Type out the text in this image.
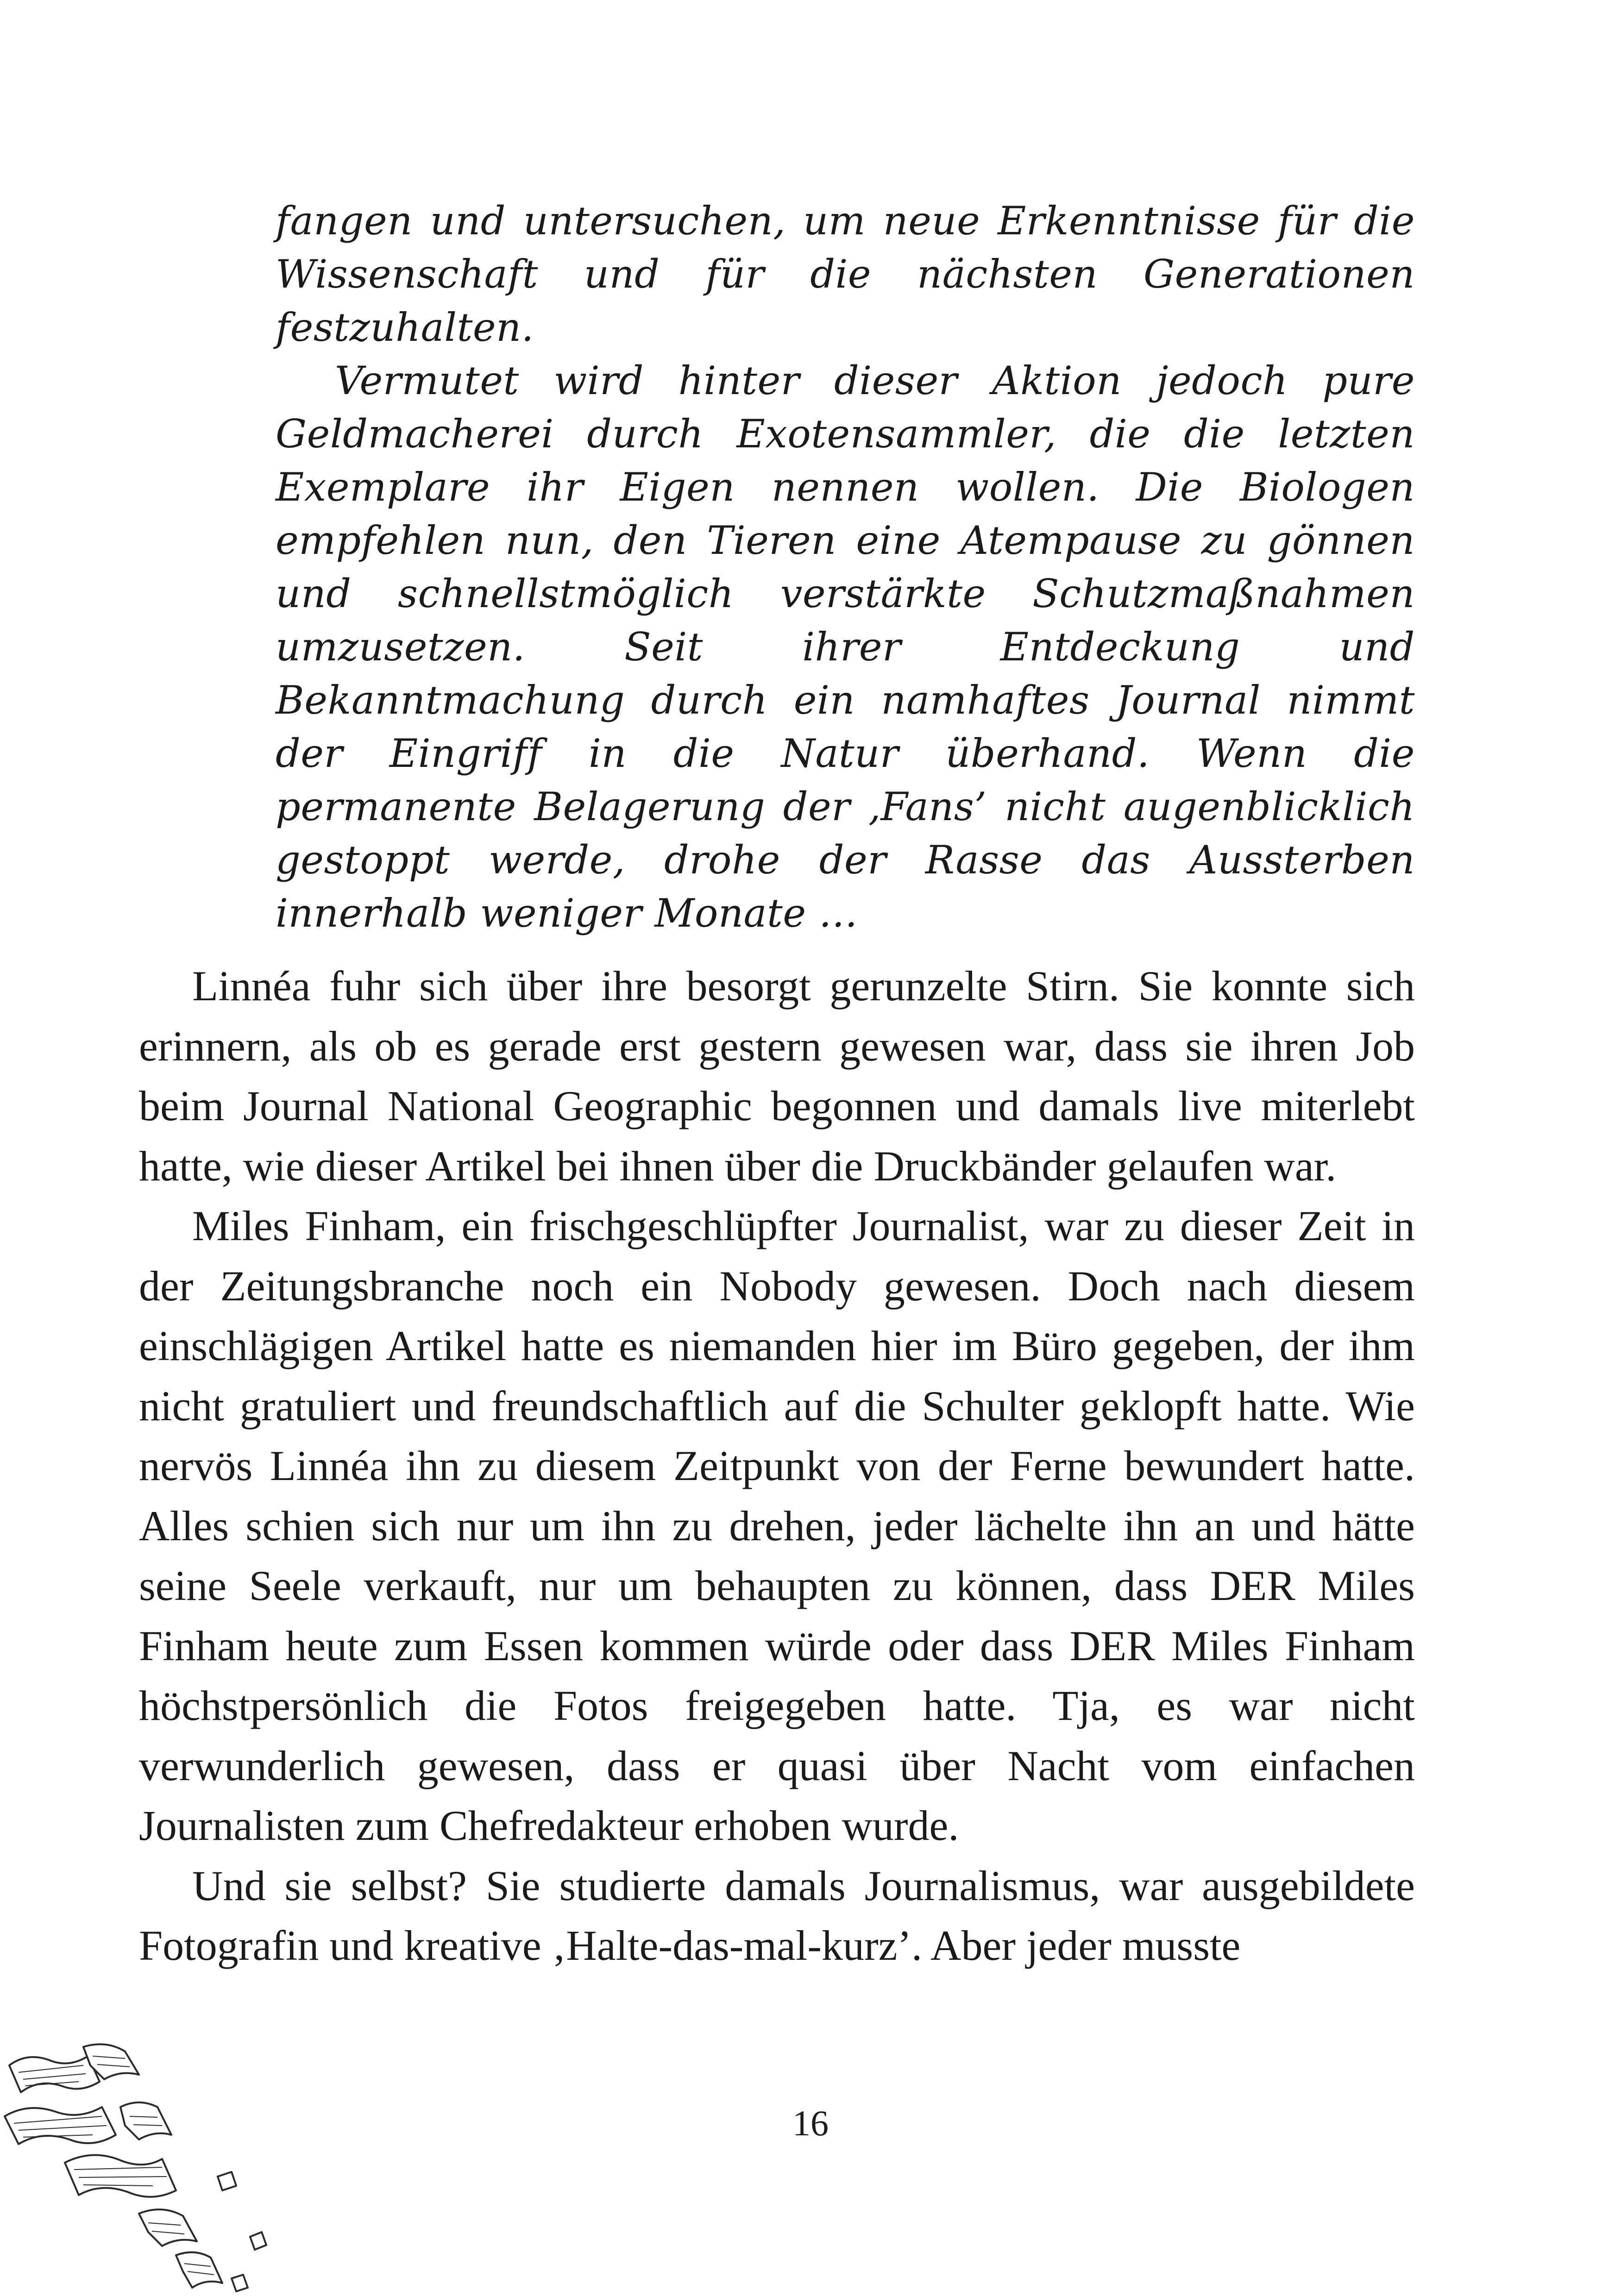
fangen und untersuchen, um neue Erkenntnisse für die Wissenschaft und für die nächsten Generationen festzuhalten.

Vermutet wird hinter dieser Aktion jedoch pure Geldmacherei durch Exotensammler, die die letzten Exemplare ihr Eigen nennen wollen. Die Biologen empfehlen nun, den Tieren eine Atempause zu gönnen und schnellstmöglich verstärkte Schutzmaßnahmen umzusetzen. Seit ihrer Entdeckung und Bekanntmachung durch ein namhaftes Journal nimmt der Eingriff in die Natur überhand. Wenn die permanente Belagerung der ‚Fans’ nicht augenblicklich gestoppt werde, drohe der Rasse das Aussterben innerhalb weniger Monate …

Linnéa fuhr sich über ihre besorgt gerunzelte Stirn. Sie konnte sich erinnern, als ob es gerade erst gestern gewesen war, dass sie ihren Job beim Journal National Geographic begonnen und damals live miterlebt hatte, wie dieser Artikel bei ihnen über die Druckbänder gelaufen war.

Miles Finham, ein frischgeschlüpfter Journalist, war zu dieser Zeit in der Zeitungsbranche noch ein Nobody gewesen. Doch nach diesem einschlägigen Artikel hatte es niemanden hier im Büro gegeben, der ihm nicht gratuliert und freundschaftlich auf die Schulter geklopft hatte. Wie nervös Linnéa ihn zu diesem Zeitpunkt von der Ferne bewundert hatte. Alles schien sich nur um ihn zu drehen, jeder lächelte ihn an und hätte seine Seele verkauft, nur um behaupten zu können, dass DER Miles Finham heute zum Essen kommen würde oder dass DER Miles Finham höchstpersönlich die Fotos freigegeben hatte. Tja, es war nicht verwunderlich gewesen, dass er quasi über Nacht vom einfachen Journalisten zum Chefredakteur erhoben wurde.

Und sie selbst? Sie studierte damals Journalismus, war ausgebildete Fotografin und kreative ‚Halte-das-mal-kurz’. Aber jeder musste

16
